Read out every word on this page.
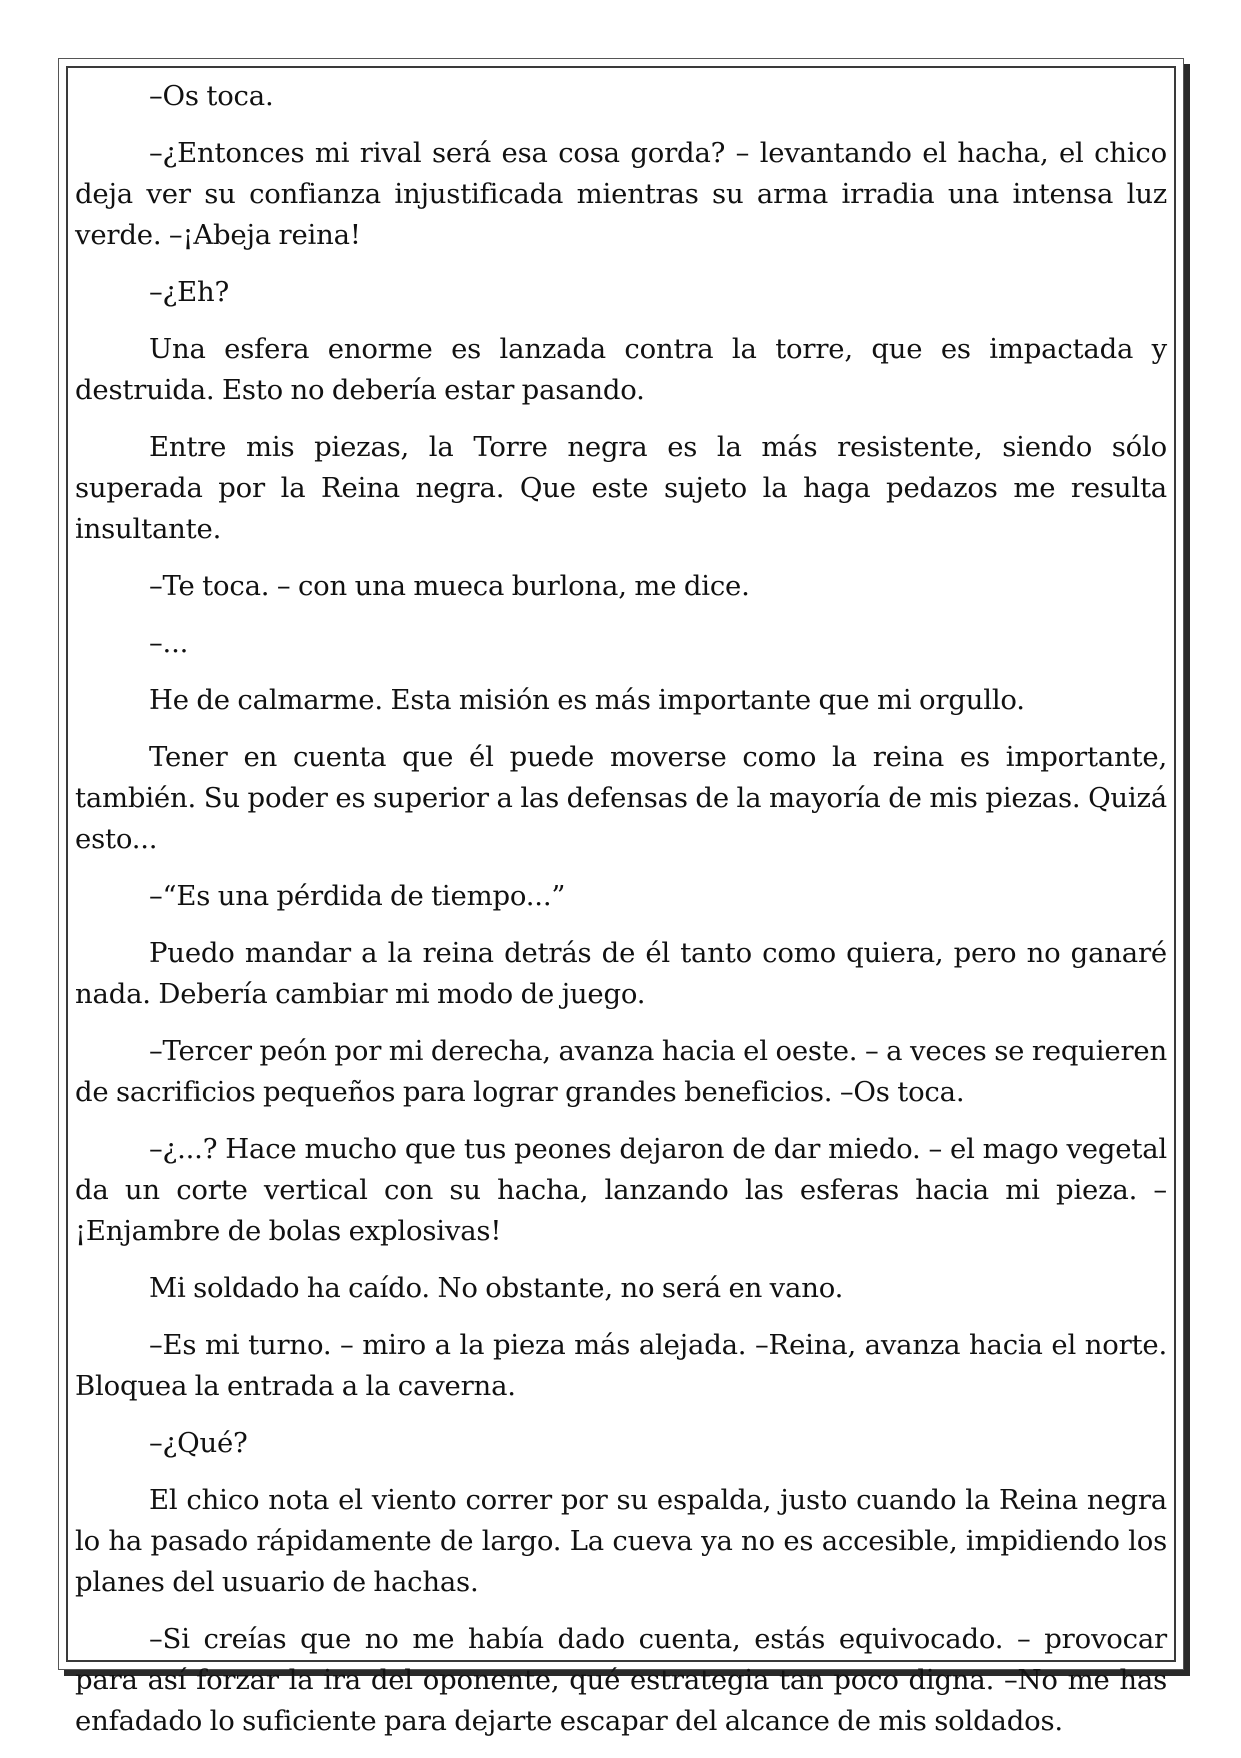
–Os toca.

–¿Entonces mi rival será esa cosa gorda? – levantando el hacha, el chico deja ver su confianza injustificada mientras su arma irradia una intensa luz verde. –¡Abeja reina!

–¿Eh?

Una esfera enorme es lanzada contra la torre, que es impactada y destruida. Esto no debería estar pasando.

Entre mis piezas, la Torre negra es la más resistente, siendo sólo superada por la Reina negra. Que este sujeto la haga pedazos me resulta insultante.

–Te toca. – con una mueca burlona, me dice.

–...

He de calmarme. Esta misión es más importante que mi orgullo.

Tener en cuenta que él puede moverse como la reina es importante, también. Su poder es superior a las defensas de la mayoría de mis piezas. Quizá esto...

–“Es una pérdida de tiempo...”

Puedo mandar a la reina detrás de él tanto como quiera, pero no ganaré nada. Debería cambiar mi modo de juego.

–Tercer peón por mi derecha, avanza hacia el oeste. – a veces se requieren de sacrificios pequeños para lograr grandes beneficios. –Os toca.

–¿...? Hace mucho que tus peones dejaron de dar miedo. – el mago vegetal da un corte vertical con su hacha, lanzando las esferas hacia mi pieza. –¡Enjambre de bolas explosivas!

Mi soldado ha caído. No obstante, no será en vano.

–Es mi turno. – miro a la pieza más alejada. –Reina, avanza hacia el norte. Bloquea la entrada a la caverna.

–¿Qué?

El chico nota el viento correr por su espalda, justo cuando la Reina negra lo ha pasado rápidamente de largo. La cueva ya no es accesible, impidiendo los planes del usuario de hachas.

–Si creías que no me había dado cuenta, estás equivocado. – provocar para así forzar la ira del oponente, qué estrategia tan poco digna. –No me has enfadado lo suficiente para dejarte escapar del alcance de mis soldados.
